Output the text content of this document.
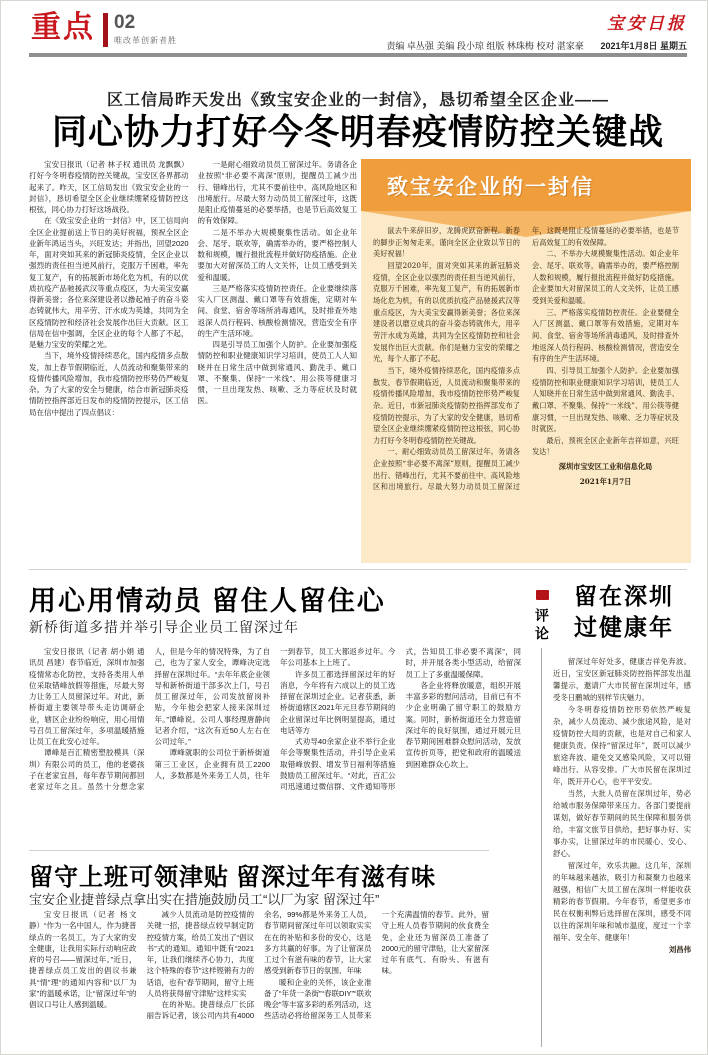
重点 02
唯改革创新者胜
宝安日报
责编 卓丛强 美编 段小琼 组版 林珠梅 校对 湛家豪 2021年1月8日 星期五
区工信局昨天发出《致宝安企业的一封信》，恳切希望全区企业——
同心协力打好今冬明春疫情防控关键战

宝安日报讯（记者 林子权 通讯员 龙飘飘）打好今冬明春疫情防控关键战，宝安区各界都动起来了。昨天，区工信局发出《致宝安企业的一封信》，恳切希望全区企业继续绷紧疫情防控这根弦，同心协力打好这场战役。

在《致宝安企业的一封信》中，区工信局向全区企业提前送上节日的美好祝福，预祝全区企业新年鸿运当头，兴旺发达；并指出，回望2020年，面对突如其来的新冠肺炎疫情，全区企业以强烈的责任担当逆风前行，克服万千困难，率先复工复产，有的拓展新市场化危为机，有的以优质抗疫产品驰援武汉等重点疫区，为大美宝安赢得新美誉；各位来深建设者以撸起袖子的奋斗姿态铸就伟大，用辛劳、汗水成为英雄，共同为全区疫情防控和经济社会发展作出巨大贡献。区工信局在信中强调，全区企业的每个人都了不起，是魅力宝安的荣耀之光。

当下，境外疫情持续恶化，国内疫情多点散发，加上春节假期临近，人员流动和聚集带来的疫情传播风险增加，我市疫情防控形势仍严峻复杂。为了大家的安全与健康，结合市新冠肺炎疫情防控指挥部近日发布的疫情防控提示，区工信局在信中提出了四点倡议：

一是耐心细致动员员工留深过年。务请各企业按照“非必要不离深”原则，提醒员工减少出行、错峰出行，尤其不要前往中、高风险地区和出境旅行。尽最大努力动员员工留深过年，这既是阻止疫情蔓延的必要举措，也是节后高效复工的有效保障。

二是不举办大规模聚集性活动。如企业年会、尾牙、联欢等，确需举办的，要严格控制人数和规模，履行报批流程并做好防疫措施。企业要加大对留深员工的人文关怀，让员工感受到关爱和温暖。

三是严格落实疫情防控责任。企业要继续落实入厂区测温、戴口罩等有效措施，定期对车间、食堂、宿舍等场所消毒通风，及时排查外地返深人员行程码、核酸检测情况，营造安全有序的生产生活环境。

四是引导员工加强个人防护。企业要加强疫情防控和职业健康知识学习培训，使员工人人知晓并在日常生活中做到常通风、勤洗手、戴口罩、不聚集、保持“一米线”、用公筷等健康习惯，一旦出现发热、咳嗽、乏力等症状及时就医。

致宝安企业的一封信

鼠去牛来辞旧岁，龙腾虎跃奋新程。新春的脚步正匆匆走来，谨向全区企业致以节日的美好祝福！

回望2020年，面对突如其来的新冠肺炎疫情，全区企业以强烈的责任担当逆风前行，克服万千困难，率先复工复产，有的拓展新市场化危为机，有的以优质抗疫产品驰援武汉等重点疫区，为大美宝安赢得新美誉；各位来深建设者以磨豆成兵的奋斗姿态铸就伟大，用辛劳汗水成为英雄，共同为全区疫情防控和社会发展作出巨大贡献。你们是魅力宝安的荣耀之光，每个人都了不起。

当下，境外疫情持续恶化，国内疫情多点散发，春节假期临近，人员流动和聚集带来的疫情传播风险增加，我市疫情防控形势严峻复杂。近日，市新冠肺炎疫情防控指挥部发布了疫情防控提示，为了大家的安全健康，恳切希望全区企业继续绷紧疫情防控这根弦，同心协力打好今冬明春疫情防控关键战。

一、耐心细致动员员工留深过年。务请各企业按照“非必要不离深”原则，提醒员工减少出行、错峰出行，尤其不要前往中、高风险地区和出境旅行。尽最大努力动员员工留深过年，这既是阻止疫情蔓延的必要举措，也是节后高效复工的有效保障。

二、不举办大规模聚集性活动。如企业年会、尾牙、联欢等，确需举办的，要严格控制人数和规模，履行报批流程并做好防疫措施。企业要加大对留深员工的人文关怀，让员工感受到关爱和温暖。

三、严格落实疫情防控责任。企业要健全入厂区测温、戴口罩等有效措施，定期对车间、食堂、宿舍等场所消毒通风，及时排查外地返深人员行程码、核酸检测情况，营造安全有序的生产生活环境。

四、引导员工加强个人防护。企业要加强疫情防控和职业健康知识学习培训，使员工人人知晓并在日常生活中做到常通风、勤洗手、戴口罩、不聚集、保持“一米线”、用公筷等健康习惯，一旦出现发热、咳嗽、乏力等症状及时就医。

最后，预祝全区企业新年吉祥如意，兴旺发达！

深圳市宝安区工业和信息化局

2021年1月7日

用心用情动员 留住人留住心
新桥街道多措并举引导企业员工留深过年

宝安日报讯（记者 胡小娟 通讯员 昌建）春节临近，深圳市加强疫情常态化防控，支持各类用人单位采取错峰放假等措施，尽最大努力让务工人员留深过年。对此，新桥街道主要领导带头走访调研企业，辖区企业纷纷响应，用心用情号召员工留深过年，多项温暖措施让员工在此安心过年。

谭峰是百汇精密塑胶模具（深圳）有限公司的员工，他的老婆孩子在老家宜昌，每年春节期间都回老家过年之且。虽然十分想念家人，但是今年的情况特殊，为了自己，也为了家人安全，谭峰决定选择留在深圳过年。“去年年底企业领导和新桥街道干部多次上门，号召员工留深过年，公司发放留岗补贴，今年他会把家人接来深圳过年。”谭峰说。公司人事经理唐静向记者介绍，“这次有近50人左右在公司过年。”

谭峰就职的公司位于新桥街道第三工业区，企业拥有员工2200人，多数都是外来务工人员，往年一到春节，员工大都返乡过年。今年公司基本上上班了。

许多员工都选择留深过年的好消息，今年将有六成以上的员工选择留在深圳过企业。记者获悉，新桥街道辖区2021年元旦春节期间的企业留深过年比例明显提高，通过电话等方

式劝导40余家企业不举行企业年会等聚集性活动，并引导企业采取错峰放假、增发节日福利等措施鼓励员工留深过年。“对此，百汇公司迅速通过微信群、文件通知等形式，告知员工非必要不离深”，同时，并开展各类小型活动，给留深员工上了多重温暖保障。

各企业将释放暖意，组织开展丰富多彩的慰问活动，目前已有不少企业明确了留守职工的鼓励方案。同时，新桥街道还全力营造留深过年的良好氛围，通过开展元旦春节期间困难群众慰问活动，发放宣传折页等，把党和政府的温暖送到困难群众心坎上。

留守上班可领津贴 留深过年有滋有味
宝安企业捷普绿点拿出实在措施鼓励员工“以厂为家 留深过年”

宝安日报讯（记者 杨文静）“作为一名中国人，作为捷普绿点的一名员工，为了大家的安全健康，让我用实际行动响应政府的号召——留深过年。”近日，捷普绿点员工发出的倡议书兼具“情”理“的通知内容和“以厂为家”的温暖承诺，让“留深过年”的倡议口号让人感到温暖。

减少人员流动是防控疫情的关键一招，捷普绿点较早制定防控疫情方案，给员工发出了“倡议书”式的通知。通知中既有“2021年，让我们继续齐心协力，共度这个特殊的春节”这样铿锵有力的话语，也有“春节期间，留守上班人员将获得留守津贴”这样实实

在的补贴。捷普绿点厂长邱丽告诉记者，该公司内共有4000余名，99%都是外来务工人员，春节期间留深过年可以领取实实在在的补贴和多份的安心，这是多方共赢的好事。为了让留深员工过个有滋有味的春节，让大家感受到新春节日的氛围、年味

暖和企业的关怀，该企业准备了“年货一条街”“春联DIY”“联欢晚会”等丰富多彩的系列活动，这些活动必将给留深务工人员带来一个充满温情的春节。此外，留守上班人员春节期间的伙食费全免，企业还为留深员工准备了2000元的留守津贴，让大家留深过年有底气、有盼头、有滋有味。

评论
留在深圳
过健康年

留深过年好处多，健康吉祥免奔波。近日，宝安区新冠肺炎防控指挥部发出温馨提示，邀请广大市民留在深圳过年，感受冬日鹏城的别样节庆魅力。

今冬明春疫情防控形势依然严峻复杂，减少人员流动、减少旅途风险，是对疫情防控大局的贡献，也是对自己和家人健康负责。保持“留深过年”，既可以减少旅途奔波、避免交叉感染风险，又可以错峰出行、从容安排。广大市民留在深圳过年，既开开心心，也平平安安。

当然，大批人员留在深圳过年，势必给城市服务保障带来压力。各部门要提前谋划，做好春节期间的民生保障和服务供给，丰富文旅节目供给，把好事办好、实事办实，让留深过年的市民暖心、安心、舒心。

留深过年，欢乐共融。这几年，深圳的年味越来越浓，吸引力和凝聚力也越来越强，相信广大员工留在深圳一样能收获精彩的春节假期。今年春节，希望更多市民在权衡利弊后选择留在深圳，感受不同以往的深圳年味和城市温度，度过一个幸福年、安全年、健康年！

刘昌伟
